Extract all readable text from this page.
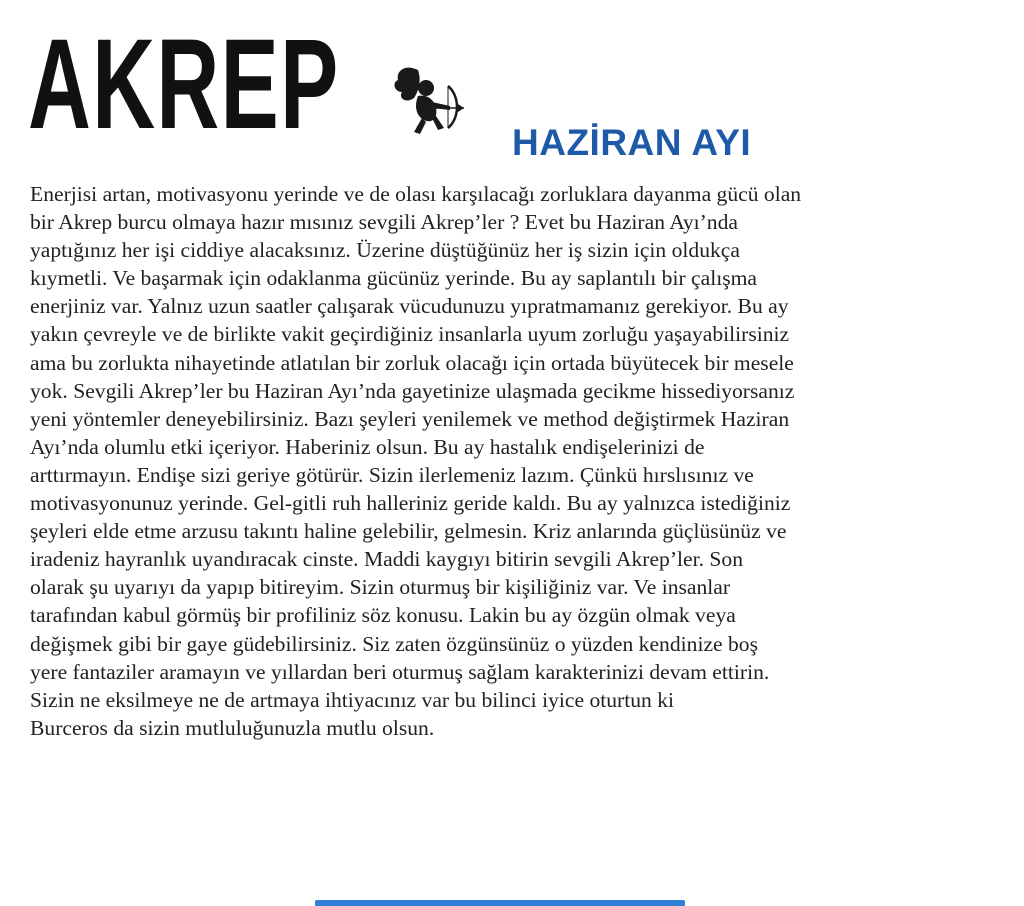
AKREP	HAZİRAN AYI
Enerjisi artan, motivasyonu yerinde ve de olası karşılacağı zorluklara dayanma gücü olan
bir Akrep burcu olmaya hazır mısınız sevgili Akrep’ler ? Evet bu Haziran Ayı’nda
yaptığınız her işi ciddiye alacaksınız. Üzerine düştüğünüz her iş sizin için oldukça
kıymetli. Ve başarmak için odaklanma gücünüz yerinde. Bu ay saplantılı bir çalışma
enerjiniz var. Yalnız uzun saatler çalışarak vücudunuzu yıpratmamanız gerekiyor. Bu ay
yakın çevreyle ve de birlikte vakit geçirdiğiniz insanlarla uyum zorluğu yaşayabilirsiniz
ama bu zorlukta nihayetinde atlatılan bir zorluk olacağı için ortada büyütecek bir mesele
yok. Sevgili Akrep’ler bu Haziran Ayı’nda gayetinize ulaşmada gecikme hissediyorsanız
yeni yöntemler deneyebilirsiniz. Bazı şeyleri yenilemek ve method değiştirmek Haziran
Ayı’nda olumlu etki içeriyor. Haberiniz olsun. Bu ay hastalık endişelerinizi de
arttırmayın. Endişe sizi geriye götürür. Sizin ilerlemeniz lazım. Çünkü hırslısınız ve
motivasyonunuz yerinde. Gel-gitli ruh halleriniz geride kaldı. Bu ay yalnızca istediğiniz
şeyleri elde etme arzusu takıntı haline gelebilir, gelmesin. Kriz anlarında güçlüsünüz ve
iradeniz hayranlık uyandıracak cinste. Maddi kaygıyı bitirin sevgili Akrep’ler. Son
olarak şu uyarıyı da yapıp bitireyim. Sizin oturmuş bir kişiliğiniz var. Ve insanlar
tarafından kabul görmüş bir profiliniz söz konusu. Lakin bu ay özgün olmak veya
değişmek gibi bir gaye güdebilirsiniz. Siz zaten özgünsünüz o yüzden kendinize boş
yere fantaziler aramayın ve yıllardan beri oturmuş sağlam karakterinizi devam ettirin.
Sizin ne eksilmeye ne de artmaya ihtiyacınız var bu bilinci iyice oturtun ki
Burceros da sizin mutluluğunuzla mutlu olsun.
